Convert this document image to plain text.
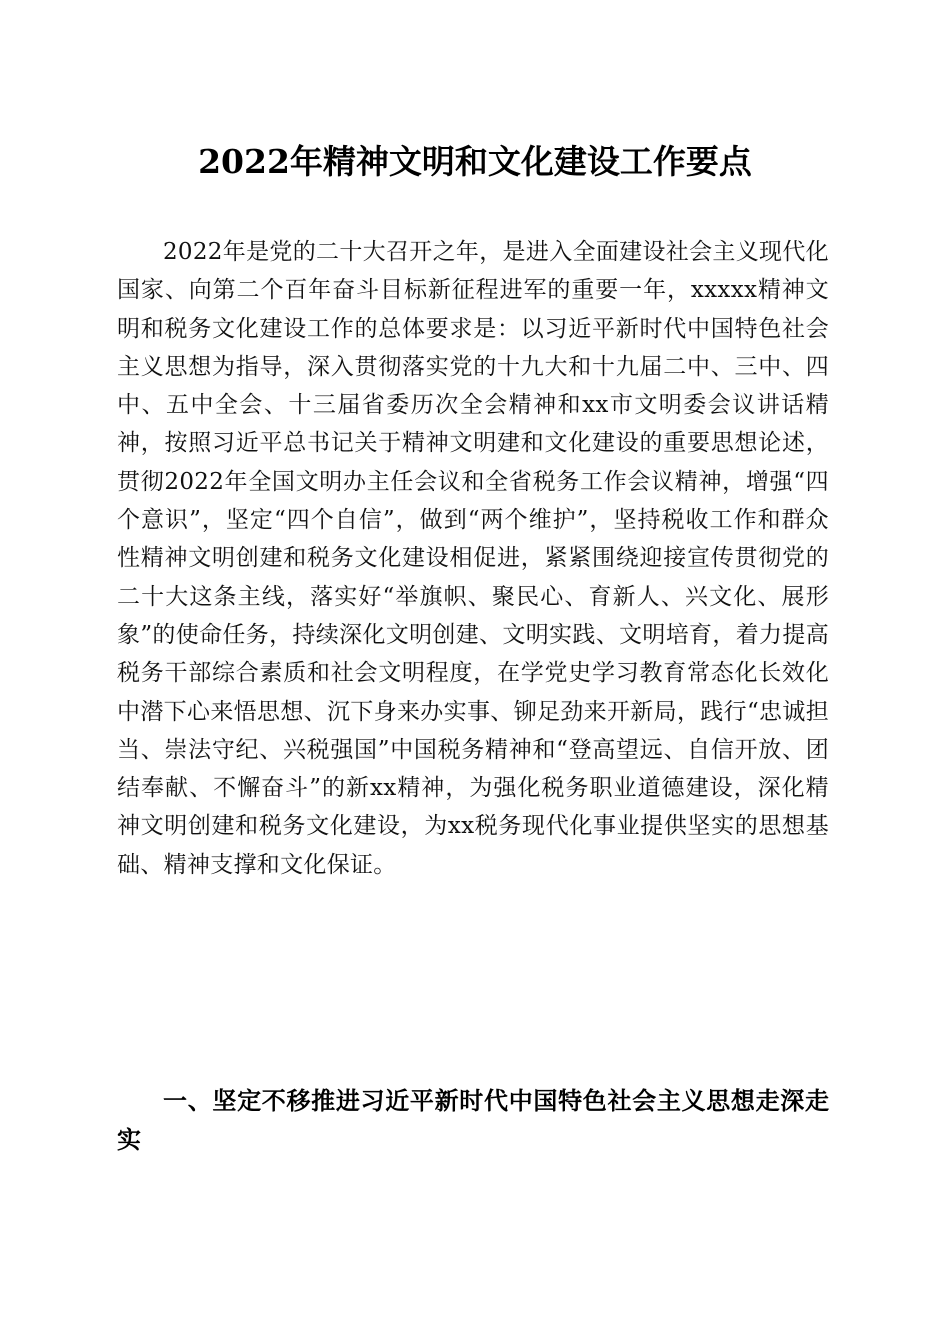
2022年精神文明和文化建设工作要点

2022年是党的二十大召开之年，是进入全面建设社会主义现代化国家、向第二个百年奋斗目标新征程进军的重要一年，xxxxx精神文明和税务文化建设工作的总体要求是：以习近平新时代中国特色社会主义思想为指导，深入贯彻落实党的十九大和十九届二中、三中、四中、五中全会、十三届省委历次全会精神和xx市文明委会议讲话精神，按照习近平总书记关于精神文明建和文化建设的重要思想论述，贯彻2022年全国文明办主任会议和全省税务工作会议精神，增强“四个意识”，坚定“四个自信”，做到“两个维护”，坚持税收工作和群众性精神文明创建和税务文化建设相促进，紧紧围绕迎接宣传贯彻党的二十大这条主线，落实好“举旗帜、聚民心、育新人、兴文化、展形象”的使命任务，持续深化文明创建、文明实践、文明培育，着力提高税务干部综合素质和社会文明程度，在学党史学习教育常态化长效化中潜下心来悟思想、沉下身来办实事、铆足劲来开新局，践行“忠诚担当、崇法守纪、兴税强国”中国税务精神和“登高望远、自信开放、团结奉献、不懈奋斗”的新xx精神，为强化税务职业道德建设，深化精神文明创建和税务文化建设，为xx税务现代化事业提供坚实的思想基础、精神支撑和文化保证。

一、坚定不移推进习近平新时代中国特色社会主义思想走深走实
